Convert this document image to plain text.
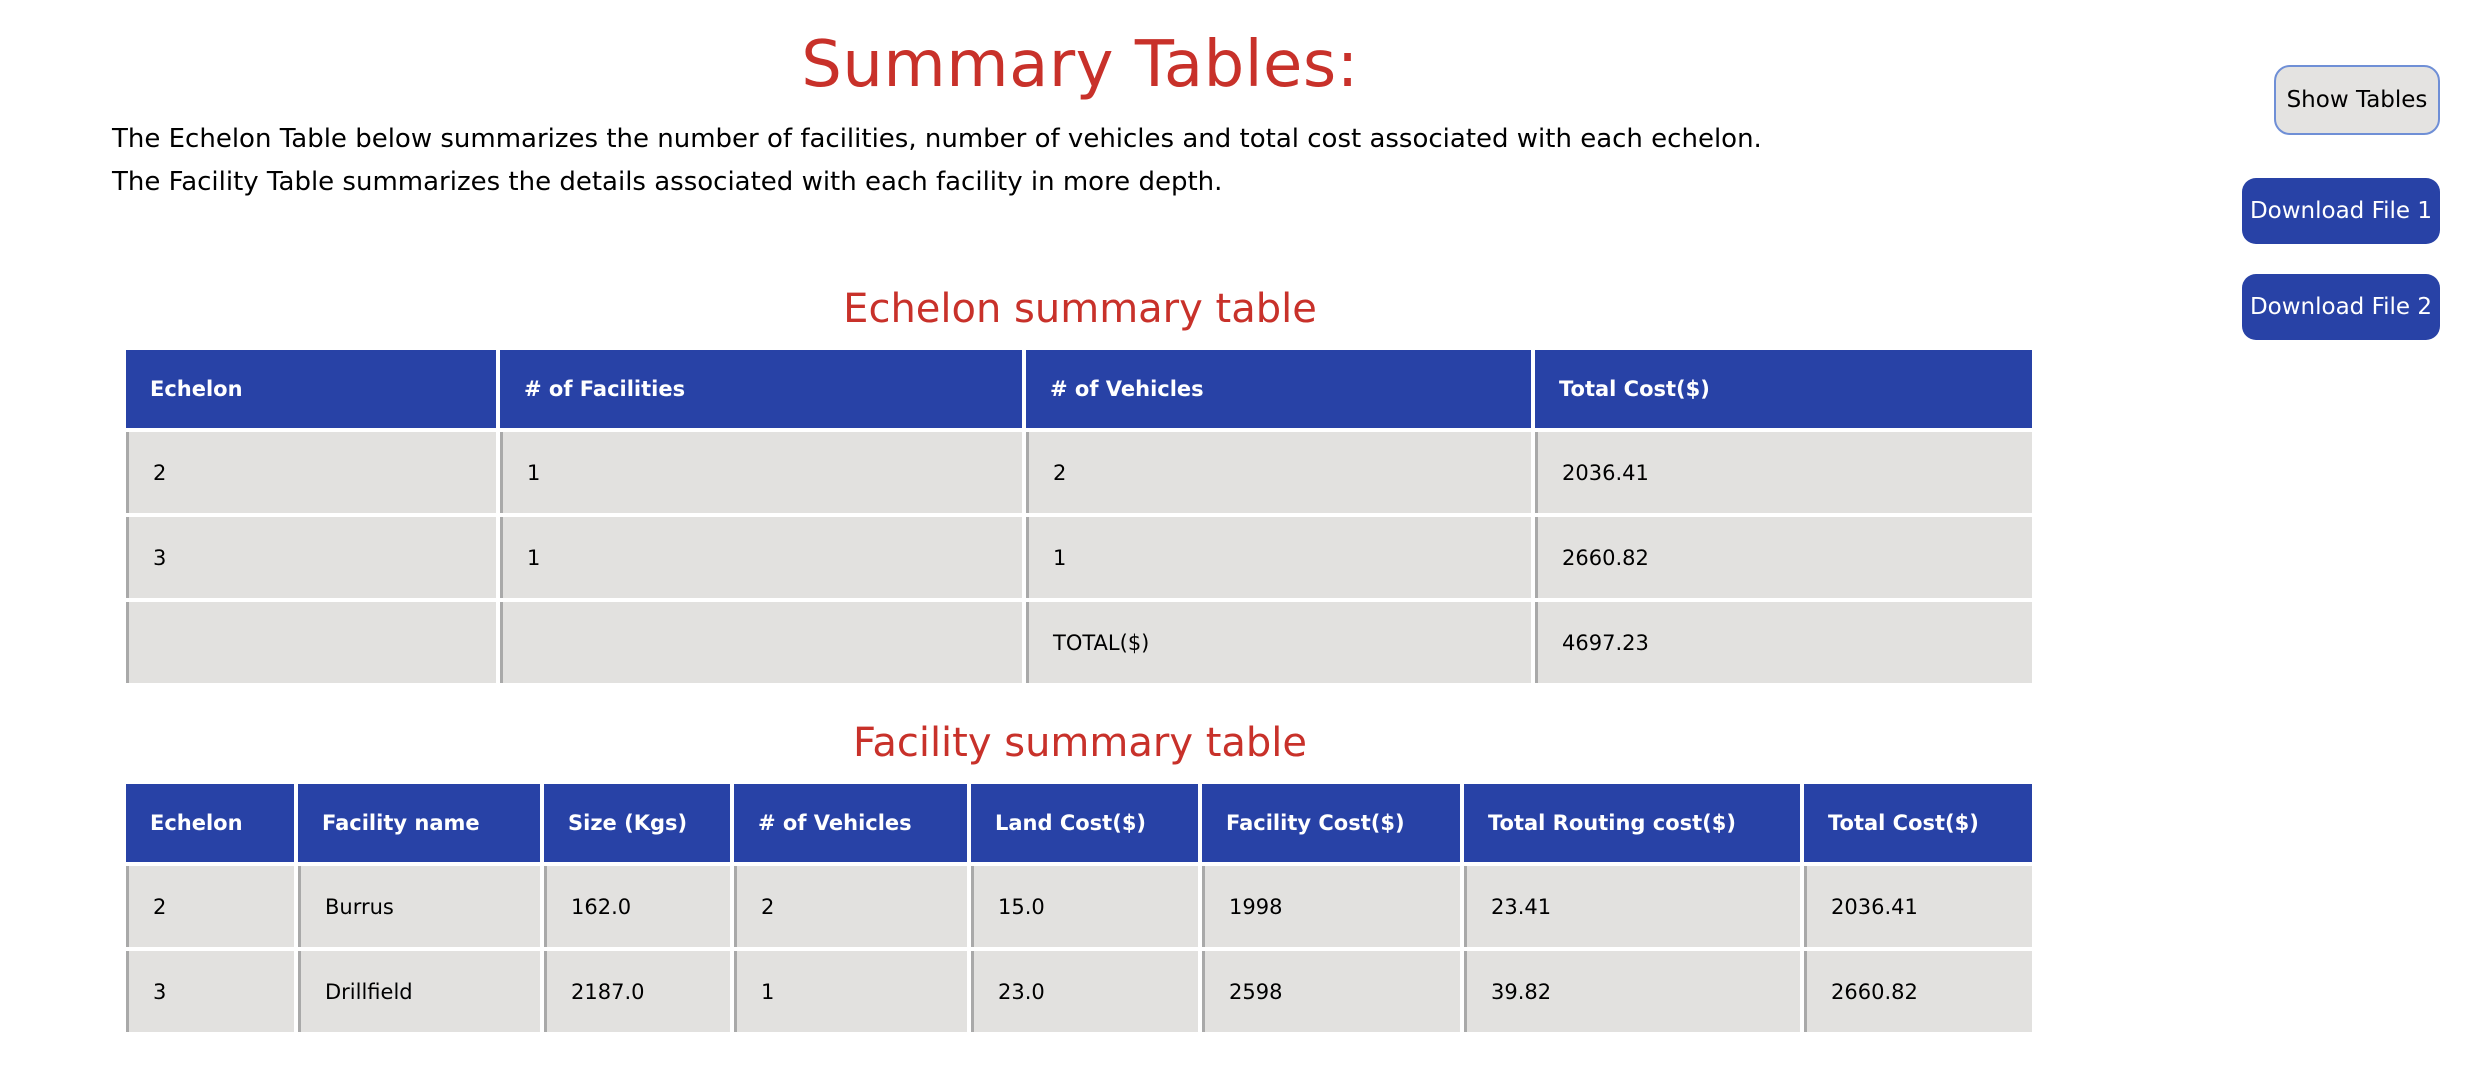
Summary Tables:

The Echelon Table below summarizes the number of facilities, number of vehicles and total cost associated with each echelon.

The Facility Table summarizes the details associated with each facility in more depth.

Show Tables
Download File 1
Download File 2
Echelon summary table
Echelon	# of Facilities	# of Vehicles	Total Cost($)
2	1	2	2036.41
3	1	1	2660.82
		TOTAL($)	4697.23
Facility summary table
Echelon	Facility name	Size (Kgs)	# of Vehicles	Land Cost($)	Facility Cost($)	Total Routing cost($)	Total Cost($)
2	Burrus	162.0	2	15.0	1998	23.41	2036.41
3	Drillfield	2187.0	1	23.0	2598	39.82	2660.82
